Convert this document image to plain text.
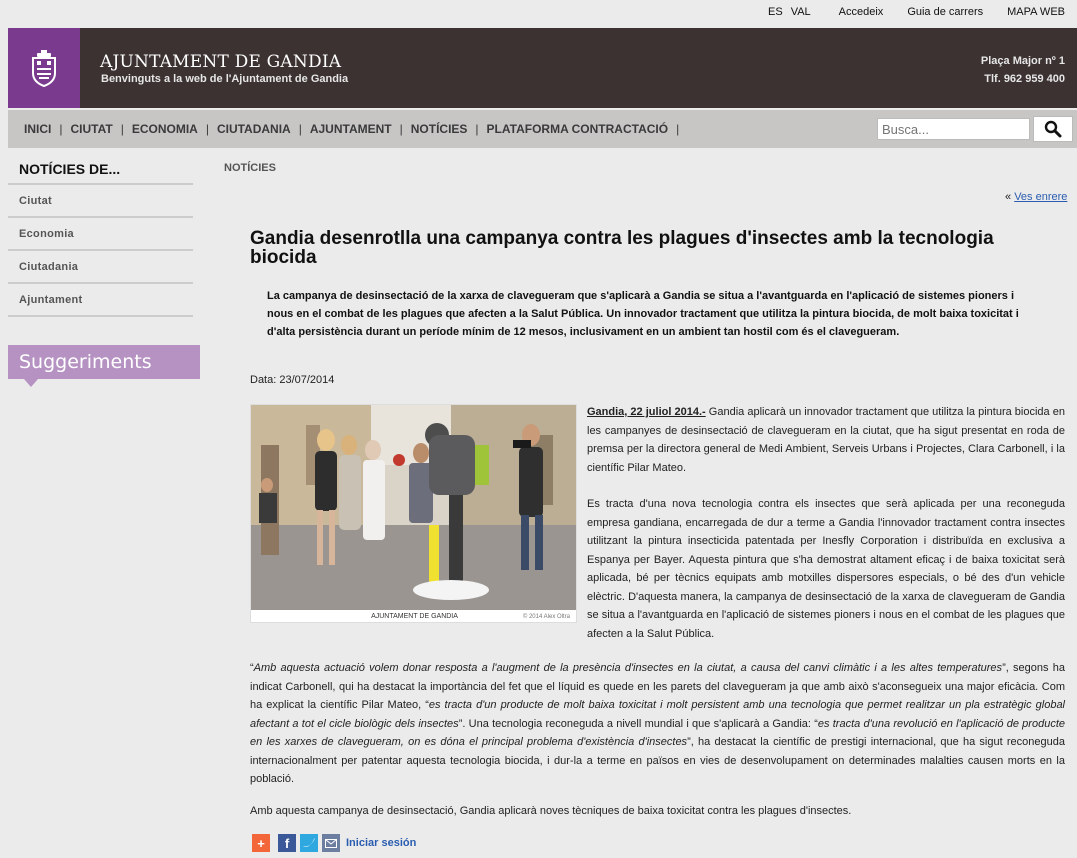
ES VAL	Accedeix Guia de carrers MAPA WEB
AJUNTAMENT DE GANDIA
Benvinguts a la web de l'Ajuntament de Gandia
Plaça Major nº 1
Tlf. 962 959 400
INICI | CIUTAT | ECONOMIA | CIUTADANIA | AJUNTAMENT | NOTÍCIES | PLATAFORMA CONTRACTACIÓ |
Busca...
NOTÍCIES DE...
Ciutat
Economia
Ciutadania
Ajuntament
Suggeriments
NOTÍCIES
« Ves enrere
Gandia desenrotlla una campanya contra les plagues d'insectes amb la tecnologia biocida
La campanya de desinsectació de la xarxa de clavegueram que s'aplicarà a Gandia se situa a l'avantguarda en l'aplicació de sistemes pioners i nous en el combat de les plagues que afecten a la Salut Pública. Un innovador tractament que utilitza la pintura biocida, de molt baixa toxicitat i d'alta persistència durant un període mínim de 12 mesos, inclusivament en un ambient tan hostil com és el clavegueram.
Data: 23/07/2014
AJUNTAMENT DE GANDIA	© 2014 Alex Oltra

Gandia, 22 juliol 2014.- Gandia aplicarà un innovador tractament que utilitza la pintura biocida en les campanyes de desinsectació de clavegueram en la ciutat, que ha sigut presentat en roda de premsa per la directora general de Medi Ambient, Serveis Urbans i Projectes, Clara Carbonell, i la científic Pilar Mateo.

Es tracta d'una nova tecnologia contra els insectes que serà aplicada per una reconeguda empresa gandiana, encarregada de dur a terme a Gandia l'innovador tractament contra insectes utilitzant la pintura insecticida patentada per Inesfly Corporation i distribuïda en exclusiva a Espanya per Bayer. Aquesta pintura que s'ha demostrat altament eficaç i de baixa toxicitat serà aplicada, bé per tècnics equipats amb motxilles dispersores especials, o bé des d'un vehicle elèctric. D'aquesta manera, la campanya de desinsectació de la xarxa de clavegueram de Gandia se situa a l'avantguarda en l'aplicació de sistemes pioners i nous en el combat de les plagues que afecten a la Salut Pública.

“Amb aquesta actuació volem donar resposta a l'augment de la presència d'insectes en la ciutat, a causa del canvi climàtic i a les altes temperatures”, segons ha indicat Carbonell, qui ha destacat la importància del fet que el líquid es quede en les parets del clavegueram ja que amb això s'aconsegueix una major eficàcia. Com ha explicat la científic Pilar Mateo, “es tracta d'un producte de molt baixa toxicitat i molt persistent amb una tecnologia que permet realitzar un pla estratègic global afectant a tot el cicle biològic dels insectes”. Una tecnologia reconeguda a nivell mundial i que s'aplicarà a Gandia: “es tracta d'una revolució en l'aplicació de producte en les xarxes de clavegueram, on es dóna el principal problema d'existència d'insectes”, ha destacat la científic de prestigi internacional, que ha sigut reconeguda internacionalment per patentar aquesta tecnologia biocida, i dur-la a terme en països en vies de desenvolupament on determinades malalties causen morts en la població.
Amb aquesta campanya de desinsectació, Gandia aplicarà noves tècniques de baixa toxicitat contra les plagues d'insectes.
+	f	Iniciar sesión
